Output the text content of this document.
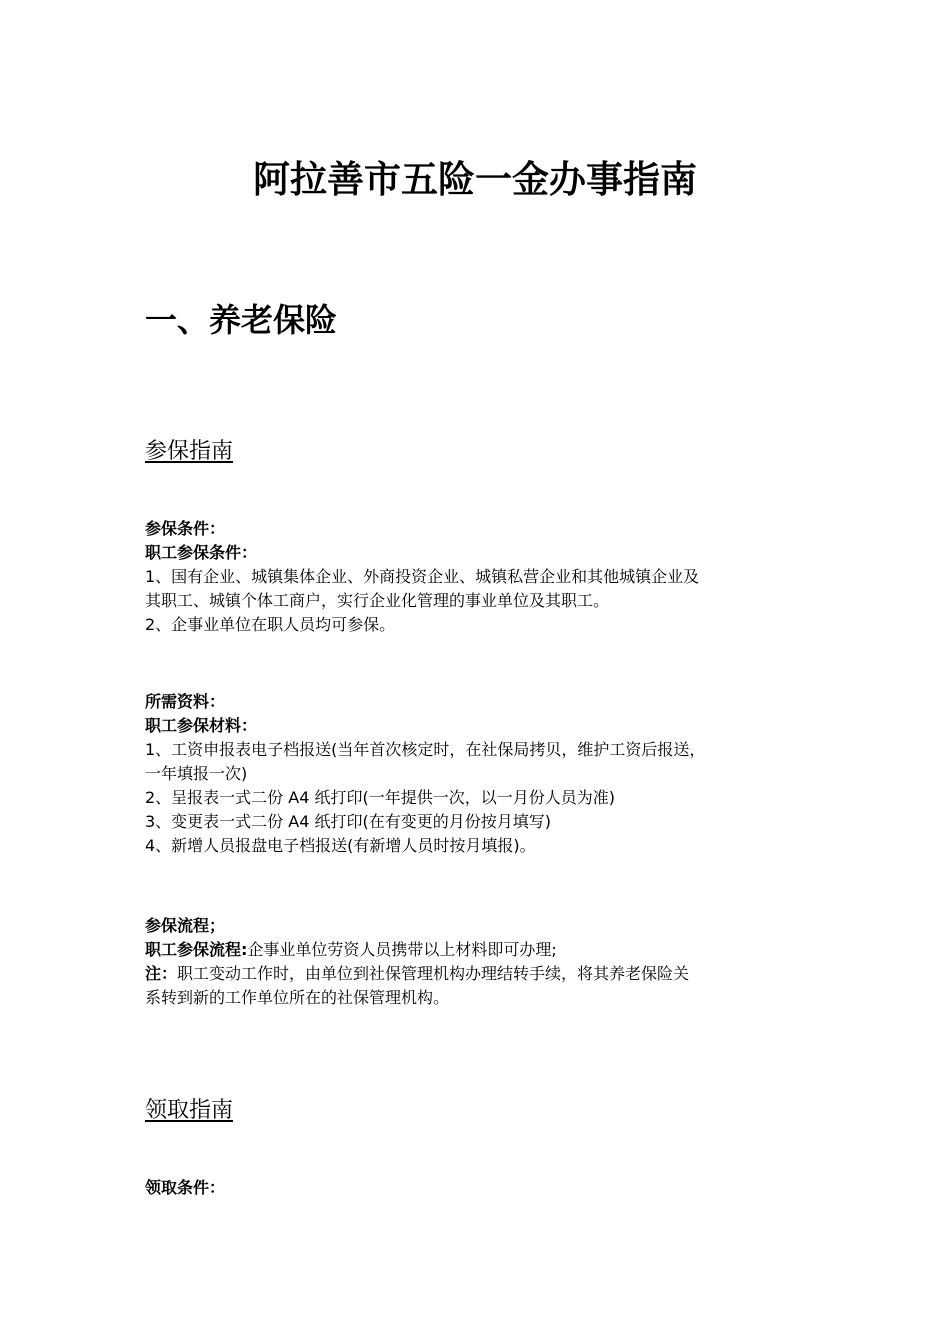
阿拉善市五险一金办事指南
一、养老保险
参保指南

参保条件：

职工参保条件：

1、国有企业、城镇集体企业、外商投资企业、城镇私营企业和其他城镇企业及

其职工、城镇个体工商户，实行企业化管理的事业单位及其职工。

2、企事业单位在职人员均可参保。

所需资料：

职工参保材料：

1、工资申报表电子档报送(当年首次核定时，在社保局拷贝，维护工资后报送，

一年填报一次)

2、呈报表一式二份 A4 纸打印(一年提供一次，以一月份人员为准)

3、变更表一式二份 A4 纸打印(在有变更的月份按月填写)

4、新增人员报盘电子档报送(有新增人员时按月填报)。

参保流程；

职工参保流程:企事业单位劳资人员携带以上材料即可办理;

注：职工变动工作时，由单位到社保管理机构办理结转手续，将其养老保险关

系转到新的工作单位所在的社保管理机构。

领取指南

领取条件：
